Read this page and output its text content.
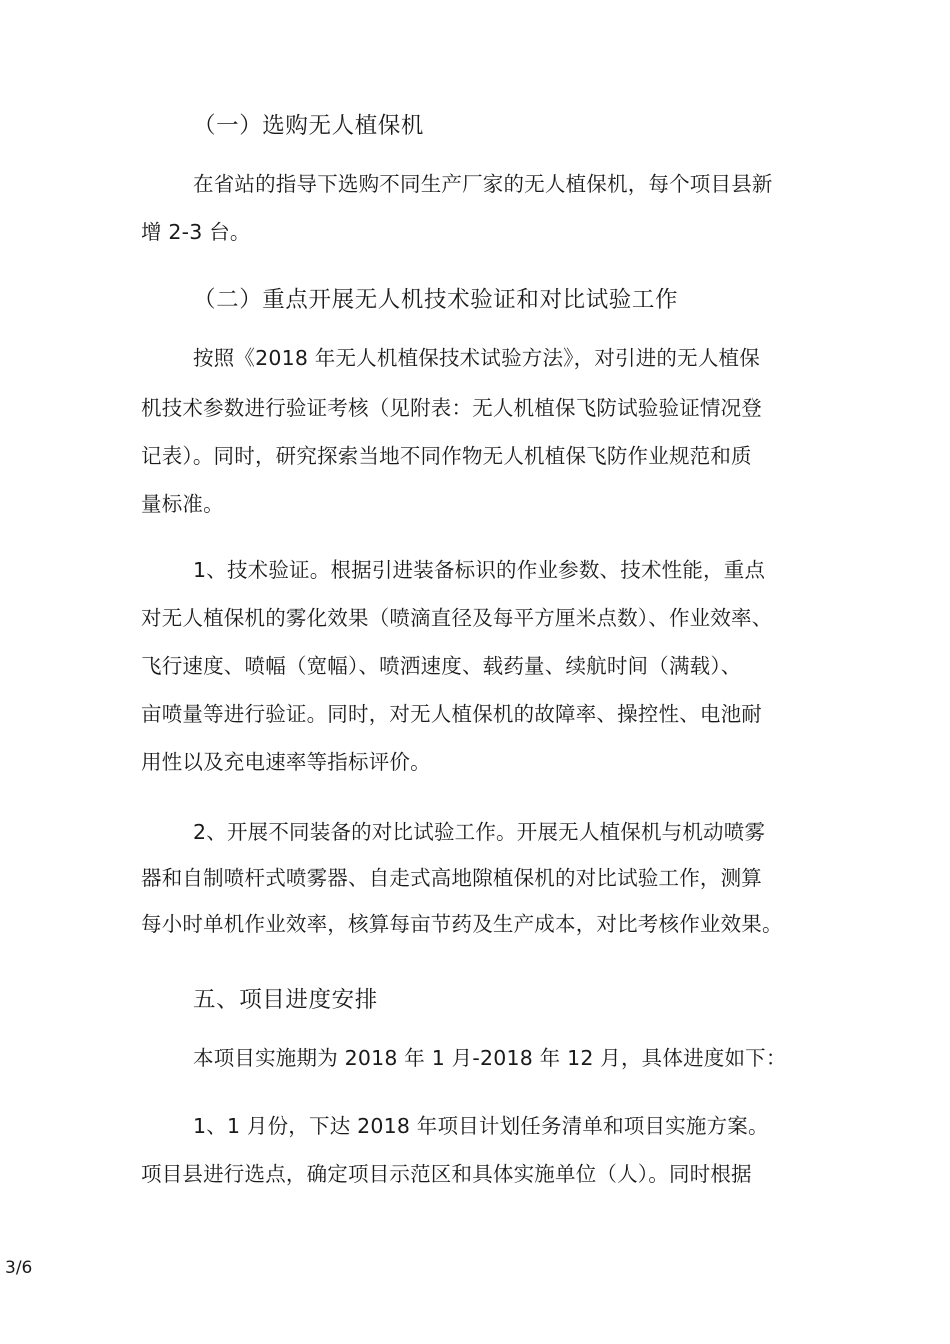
（一）选购无人植保机
在省站的指导下选购不同生产厂家的无人植保机，每个项目县新
增 2-3 台。
（二）重点开展无人机技术验证和对比试验工作
按照《2018 年无人机植保技术试验方法》，对引进的无人植保
机技术参数进行验证考核（见附表：无人机植保飞防试验验证情况登
记表）。同时，研究探索当地不同作物无人机植保飞防作业规范和质
量标准。
1、技术验证。根据引进装备标识的作业参数、技术性能，重点
对无人植保机的雾化效果（喷滴直径及每平方厘米点数）、作业效率、
飞行速度、喷幅（宽幅）、喷洒速度、载药量、续航时间（满载）、
亩喷量等进行验证。同时，对无人植保机的故障率、操控性、电池耐
用性以及充电速率等指标评价。
2、开展不同装备的对比试验工作。开展无人植保机与机动喷雾
器和自制喷杆式喷雾器、自走式高地隙植保机的对比试验工作，测算
每小时单机作业效率，核算每亩节药及生产成本，对比考核作业效果。
五、项目进度安排
本项目实施期为 2018 年 1 月-2018 年 12 月，具体进度如下：
1、1 月份，下达 2018 年项目计划任务清单和项目实施方案。
项目县进行选点，确定项目示范区和具体实施单位（人）。同时根据
3/6
